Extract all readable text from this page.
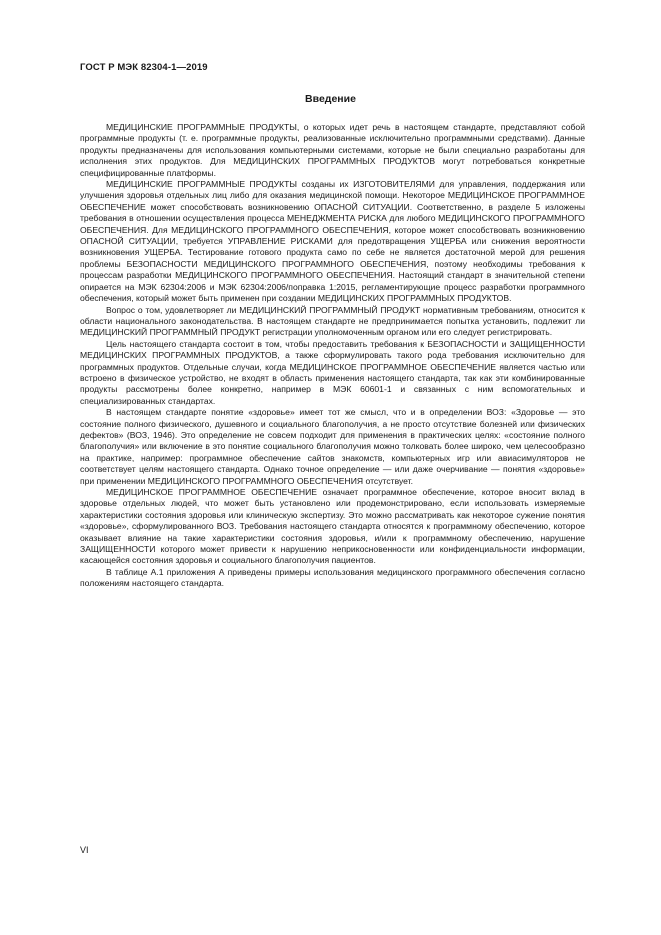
ГОСТ Р МЭК 82304-1—2019
Введение

МЕДИЦИНСКИЕ ПРОГРАММНЫЕ ПРОДУКТЫ, о которых идет речь в настоящем стандарте, представляют собой программные продукты (т. е. программные продукты, реализованные исключительно программными средствами). Данные продукты предназначены для использования компьютерными системами, которые не были специально разработаны для исполнения этих продуктов. Для МЕДИЦИНСКИХ ПРОГРАММНЫХ ПРОДУКТОВ могут потребоваться конкретные специфицированные платформы.

МЕДИЦИНСКИЕ ПРОГРАММНЫЕ ПРОДУКТЫ созданы их ИЗГОТОВИТЕЛЯМИ для управления, поддержания или улучшения здоровья отдельных лиц либо для оказания медицинской помощи. Некоторое МЕДИЦИНСКОЕ ПРОГРАММНОЕ ОБЕСПЕЧЕНИЕ может способствовать возникновению ОПАСНОЙ СИТУАЦИИ. Соответственно, в разделе 5 изложены требования в отношении осуществления процесса МЕНЕДЖМЕНТА РИСКА для любого МЕДИЦИНСКОГО ПРОГРАММНОГО ОБЕСПЕЧЕНИЯ. Для МЕДИЦИНСКОГО ПРОГРАММНОГО ОБЕСПЕЧЕНИЯ, которое может способствовать возникновению ОПАСНОЙ СИТУАЦИИ, требуется УПРАВЛЕНИЕ РИСКАМИ для предотвращения УЩЕРБА или снижения вероятности возникновения УЩЕРБА. Тестирование готового продукта само по себе не является достаточной мерой для решения проблемы БЕЗОПАСНОСТИ МЕДИЦИНСКОГО ПРОГРАММНОГО ОБЕСПЕЧЕНИЯ, поэтому необходимы требования к процессам разработки МЕДИЦИНСКОГО ПРОГРАММНОГО ОБЕСПЕЧЕНИЯ. Настоящий стандарт в значительной степени опирается на МЭК 62304:2006 и МЭК 62304:2006/поправка 1:2015, регламентирующие процесс разработки программного обеспечения, который может быть применен при создании МЕДИЦИНСКИХ ПРОГРАММНЫХ ПРОДУКТОВ.

Вопрос о том, удовлетворяет ли МЕДИЦИНСКИЙ ПРОГРАММНЫЙ ПРОДУКТ нормативным требованиям, относится к области национального законодательства. В настоящем стандарте не предпринимается попытка установить, подлежит ли МЕДИЦИНСКИЙ ПРОГРАММНЫЙ ПРОДУКТ регистрации уполномоченным органом или его следует регистрировать.

Цель настоящего стандарта состоит в том, чтобы предоставить требования к БЕЗОПАСНОСТИ и ЗАЩИЩЕННОСТИ МЕДИЦИНСКИХ ПРОГРАММНЫХ ПРОДУКТОВ, а также сформулировать такого рода требования исключительно для программных продуктов. Отдельные случаи, когда МЕДИЦИНСКОЕ ПРОГРАММНОЕ ОБЕСПЕЧЕНИЕ является частью или встроено в физическое устройство, не входят в область применения настоящего стандарта, так как эти комбинированные продукты рассмотрены более конкретно, например в МЭК 60601-1 и связанных с ним вспомогательных и специализированных стандартах.

В настоящем стандарте понятие «здоровье» имеет тот же смысл, что и в определении ВОЗ: «Здоровье — это состояние полного физического, душевного и социального благополучия, а не просто отсутствие болезней или физических дефектов» (ВОЗ, 1946). Это определение не совсем подходит для применения в практических целях: «состояние полного благополучия» или включение в это понятие социального благополучия можно толковать более широко, чем целесообразно на практике, например: программное обеспечение сайтов знакомств, компьютерных игр или авиасимуляторов не соответствует целям настоящего стандарта. Однако точное определение — или даже очерчивание — понятия «здоровье» при применении МЕДИЦИНСКОГО ПРОГРАММНОГО ОБЕСПЕЧЕНИЯ отсутствует.

МЕДИЦИНСКОЕ ПРОГРАММНОЕ ОБЕСПЕЧЕНИЕ означает программное обеспечение, которое вносит вклад в здоровье отдельных людей, что может быть установлено или продемонстрировано, если использовать измеряемые характеристики состояния здоровья или клиническую экспертизу. Это можно рассматривать как некоторое сужение понятия «здоровье», сформулированного ВОЗ. Требования настоящего стандарта относятся к программному обеспечению, которое оказывает влияние на такие характеристики состояния здоровья, и/или к программному обеспечению, нарушение ЗАЩИЩЕННОСТИ которого может привести к нарушению неприкосновенности или конфиденциальности информации, касающейся состояния здоровья и социального благополучия пациентов.

В таблице А.1 приложения А приведены примеры использования медицинского программного обеспечения согласно положениям настоящего стандарта.

VI
